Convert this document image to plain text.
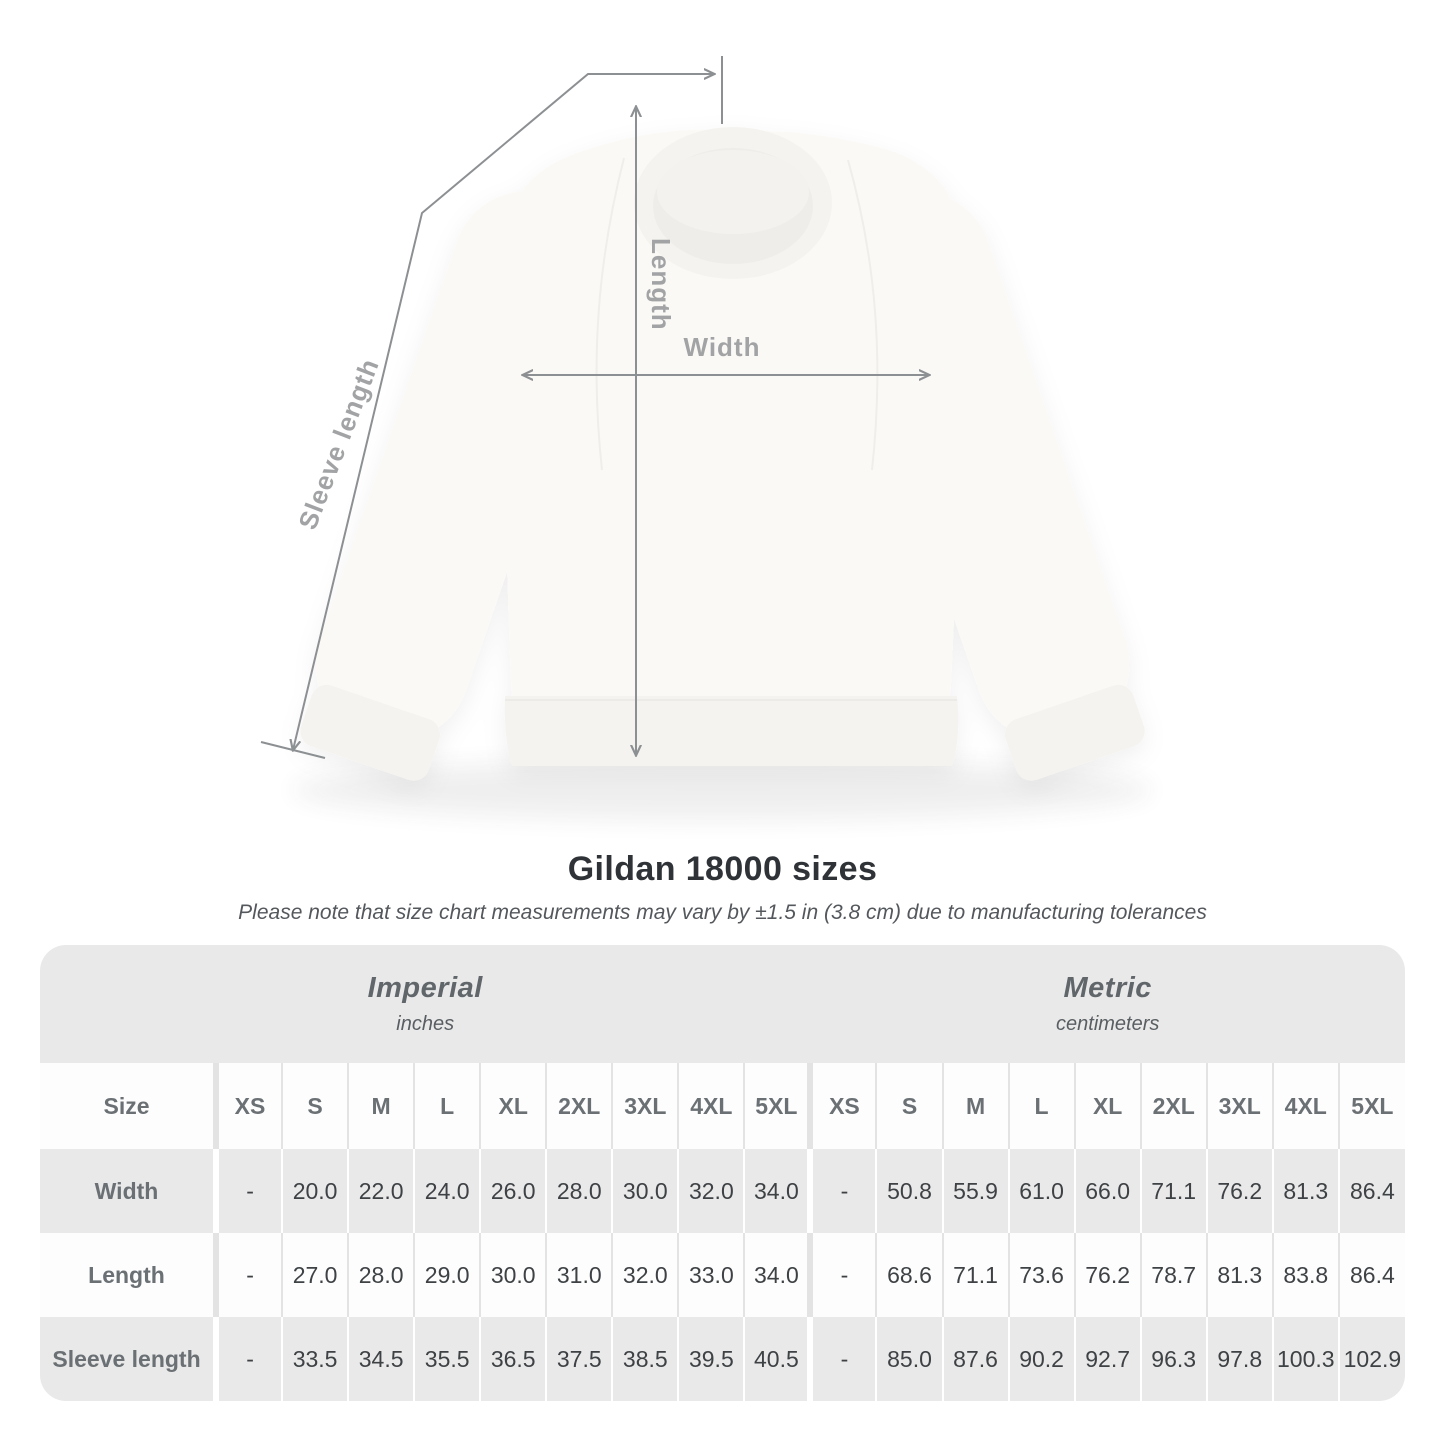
Width
Length
Sleeve length
Gildan 18000 sizes

Please note that size chart measurements may vary by ±1.5 in (3.8 cm) due to manufacturing tolerances

Imperial
inches

Metric
centimeters

Size	XS	S	M	L	XL	2XL	3XL	4XL	5XL	XS	S	M	L	XL	2XL	3XL	4XL	5XL
Width	-	20.0	22.0	24.0	26.0	28.0	30.0	32.0	34.0	-	50.8	55.9	61.0	66.0	71.1	76.2	81.3	86.4
Length	-	27.0	28.0	29.0	30.0	31.0	32.0	33.0	34.0	-	68.6	71.1	73.6	76.2	78.7	81.3	83.8	86.4
Sleeve length	-	33.5	34.5	35.5	36.5	37.5	38.5	39.5	40.5	-	85.0	87.6	90.2	92.7	96.3	97.8	100.3	102.9
